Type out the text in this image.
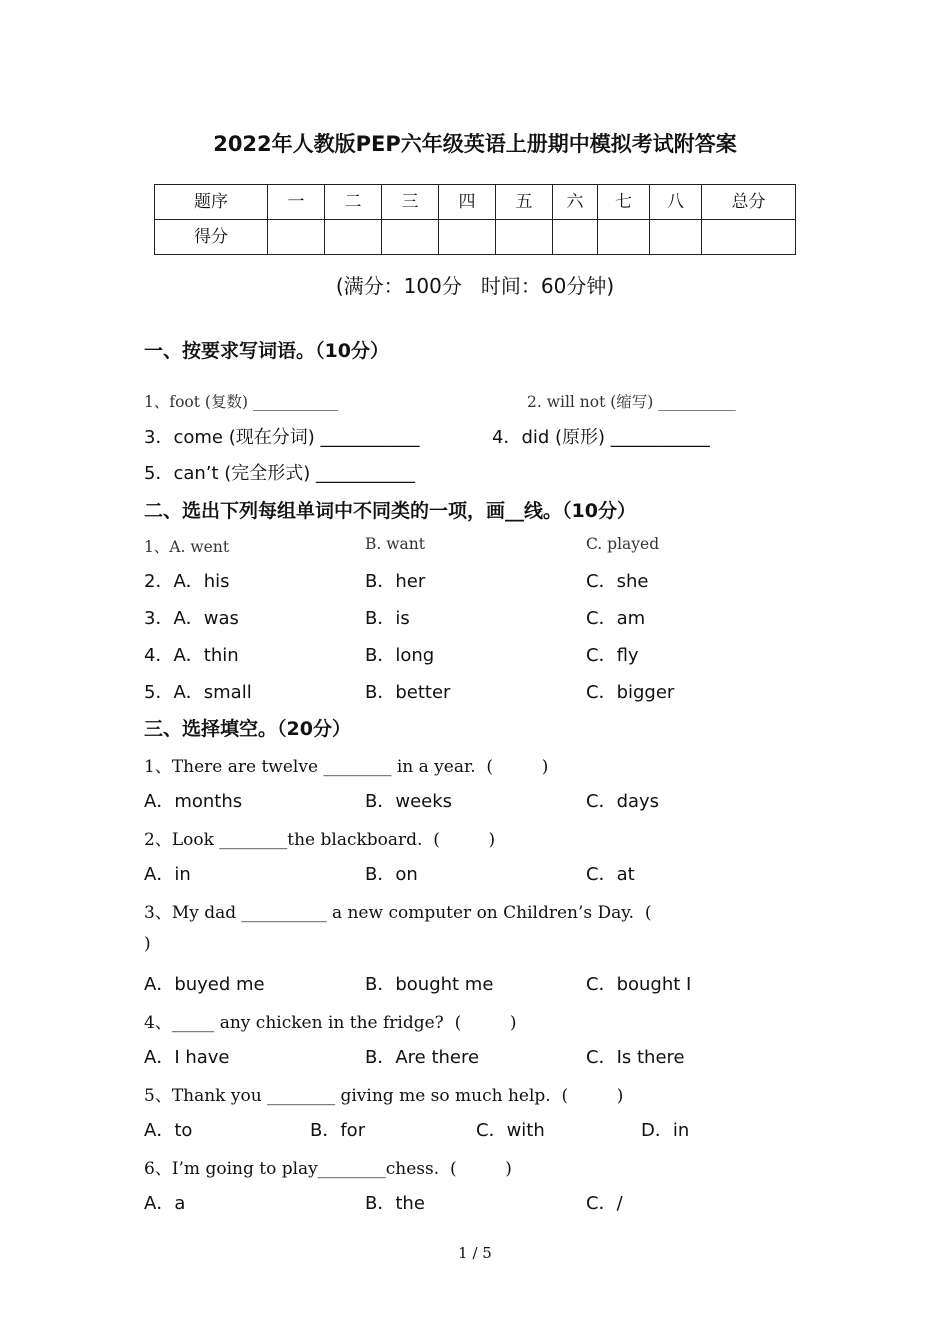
2022年人教版PEP六年级英语上册期中模拟考试附答案
题序	一	二	三	四	五	六	七	八	总分
得分									
(满分：100分   时间：60分钟)
一、按要求写词语。（10分）
1、foot (复数) ___________	2. will not (缩写) __________
3．come (现在分词) ___________	4．did (原形) ___________
5．can’t (完全形式) ___________
二、选出下列每组单词中不同类的一项，画__线。（10分）
1、A. went	B. want	C. played
2．A．his	B．her	C．she
3．A．was	B．is	C．am
4．A．thin	B．long	C．fly
5．A．small	B．better	C．bigger
三、选择填空。（20分）
1、There are twelve ________ in a year.  (         )
A．months	B．weeks	C．days
2、Look ________the blackboard.  (         )
A．in	B．on	C．at
3、My dad __________ a new computer on Children’s Day.  (
)
A．buyed me	B．bought me	C．bought I
4、_____ any chicken in the fridge?  (         )
A．I have	B．Are there	C．Is there
5、Thank you ________ giving me so much help.  (         )
A．to	B．for	C．with	D．in
6、I’m going to play________chess.  (         )
A．a	B．the	C．/
1 / 5
